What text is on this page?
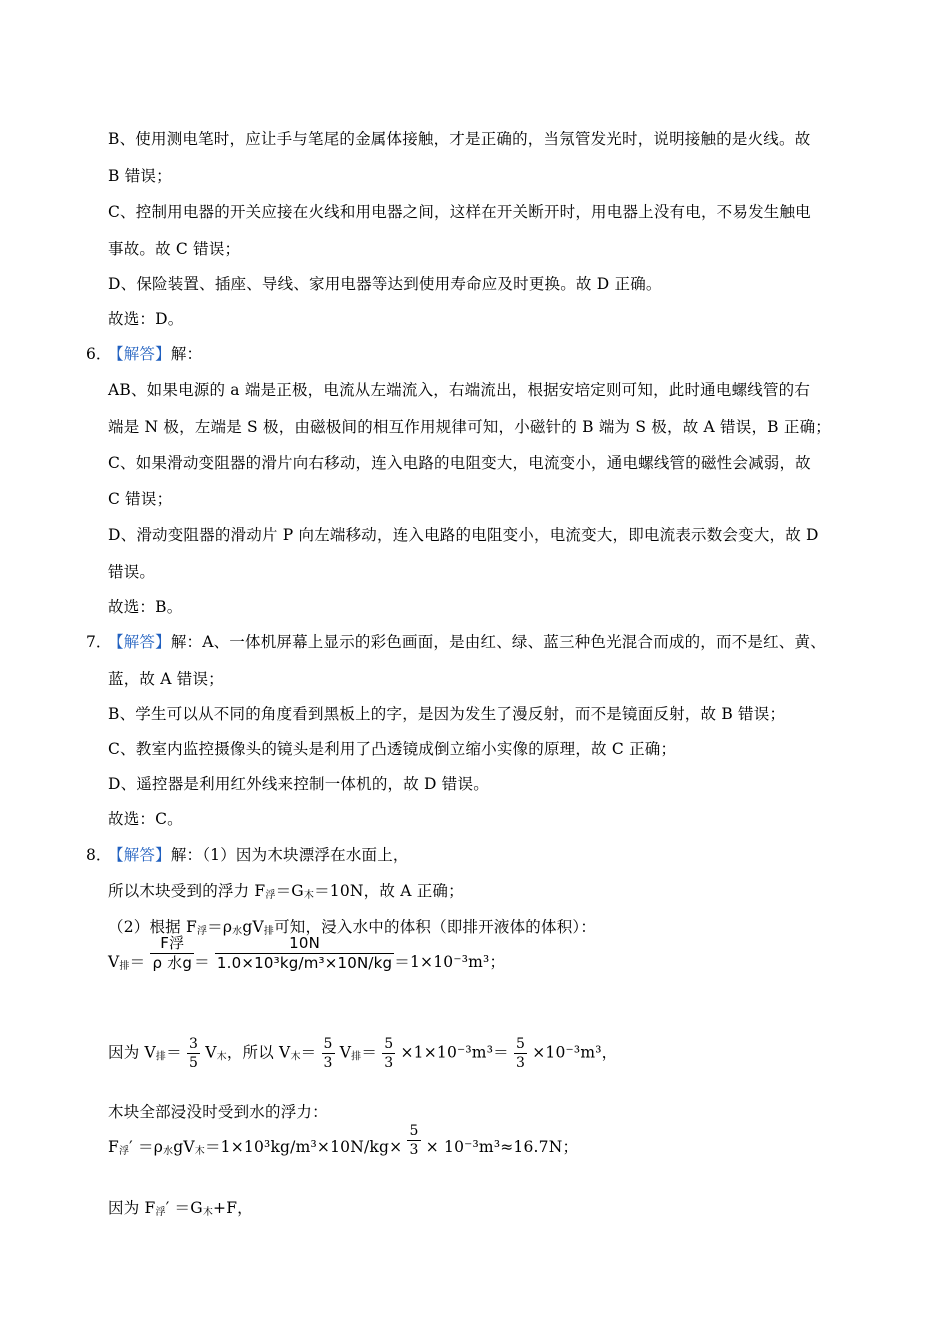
B、使用测电笔时，应让手与笔尾的金属体接触，才是正确的，当氖管发光时，说明接触的是火线。故
B 错误；
C、控制用电器的开关应接在火线和用电器之间，这样在开关断开时，用电器上没有电，不易发生触电
事故。故 C 错误；
D、保险装置、插座、导线、家用电器等达到使用寿命应及时更换。故 D 正确。
故选：D。
6．
【解答】解：
AB、如果电源的 a 端是正极，电流从左端流入，右端流出，根据安培定则可知，此时通电螺线管的右
端是 N 极，左端是 S 极，由磁极间的相互作用规律可知，小磁针的 B 端为 S 极，故 A 错误，B 正确；
C、如果滑动变阻器的滑片向右移动，连入电路的电阻变大，电流变小，通电螺线管的磁性会减弱，故
C 错误；
D、滑动变阻器的滑动片 P 向左端移动，连入电路的电阻变小，电流变大，即电流表示数会变大，故 D
错误。
故选：B。
7．
【解答】解：A、一体机屏幕上显示的彩色画面，是由红、绿、蓝三种色光混合而成的，而不是红、黄、
蓝，故 A 错误；
B、学生可以从不同的角度看到黑板上的字，是因为发生了漫反射，而不是镜面反射，故 B 错误；
C、教室内监控摄像头的镜头是利用了凸透镜成倒立缩小实像的原理，故 C 正确；
D、遥控器是利用红外线来控制一体机的，故 D 错误。
故选：C。
8．
【解答】解：（1）因为木块漂浮在水面上，
所以木块受到的浮力 $F_浮=G_木=10N$，故 A 正确；
（2）根据 $F_浮=\rho_水gV_排$可知，浸入水中的体积（即排开液体的体积）：
$V_排= \frac{\text{F浮}}{\text{ρ 水g}} = \frac{10N}{\text{1.0×10³kg/m³×10N/kg}} =1\times 10^{-3}m^3$；
因为 $V_排= \frac{3}{5} V_木$，所以 $V_木= \frac{5}{3} V_排= \frac{5}{3} \times 1\times 10^{-3}m^3= \frac{5}{3} \times 10^{-3}m^3$，
木块全部浸没时受到水的浮力：
$F_浮' =\rho_水gV_木=1\times 10^3kg/m^3\times 10N/kg\times \frac{5}{3} \times 10^{-3}m^3\approx 16.7N$；
因为 $F_浮' =G_木+F$，
